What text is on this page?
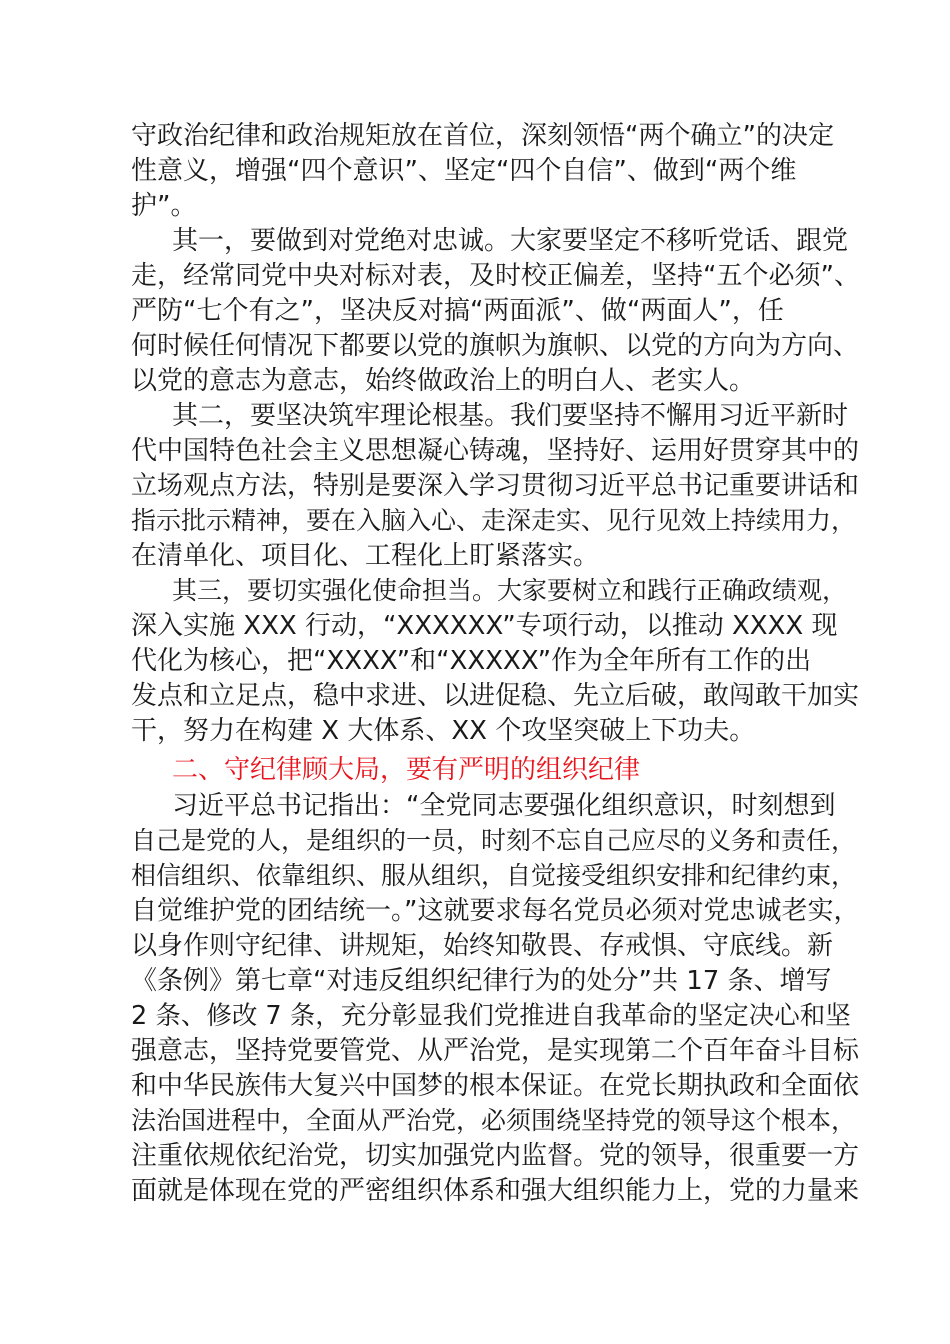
守政治纪律和政治规矩放在首位，深刻领悟“两个确立”的决定
性意义，增强“四个意识”、坚定“四个自信”、做到“两个维
护”。
其一，要做到对党绝对忠诚。大家要坚定不移听党话、跟党
走，经常同党中央对标对表，及时校正偏差，坚持“五个必须”、
严防“七个有之”，坚决反对搞“两面派”、做“两面人”，任
何时候任何情况下都要以党的旗帜为旗帜、以党的方向为方向、
以党的意志为意志，始终做政治上的明白人、老实人。
其二，要坚决筑牢理论根基。我们要坚持不懈用习近平新时
代中国特色社会主义思想凝心铸魂，坚持好、运用好贯穿其中的
立场观点方法，特别是要深入学习贯彻习近平总书记重要讲话和
指示批示精神，要在入脑入心、走深走实、见行见效上持续用力，
在清单化、项目化、工程化上盯紧落实。
其三，要切实强化使命担当。大家要树立和践行正确政绩观，
深入实施 XXX 行动，“XXXXXX”专项行动，以推动 XXXX 现
代化为核心，把“XXXX”和“XXXXX”作为全年所有工作的出
发点和立足点，稳中求进、以进促稳、先立后破，敢闯敢干加实
干，努力在构建 X 大体系、XX 个攻坚突破上下功夫。
二、守纪律顾大局，要有严明的组织纪律
习近平总书记指出：“全党同志要强化组织意识，时刻想到
自己是党的人，是组织的一员，时刻不忘自己应尽的义务和责任，
相信组织、依靠组织、服从组织，自觉接受组织安排和纪律约束，
自觉维护党的团结统一。”这就要求每名党员必须对党忠诚老实，
以身作则守纪律、讲规矩，始终知敬畏、存戒惧、守底线。新
《条例》第七章“对违反组织纪律行为的处分”共 17 条、增写
2 条、修改 7 条，充分彰显我们党推进自我革命的坚定决心和坚
强意志，坚持党要管党、从严治党，是实现第二个百年奋斗目标
和中华民族伟大复兴中国梦的根本保证。在党长期执政和全面依
法治国进程中，全面从严治党，必须围绕坚持党的领导这个根本，
注重依规依纪治党，切实加强党内监督。党的领导，很重要一方
面就是体现在党的严密组织体系和强大组织能力上，党的力量来
